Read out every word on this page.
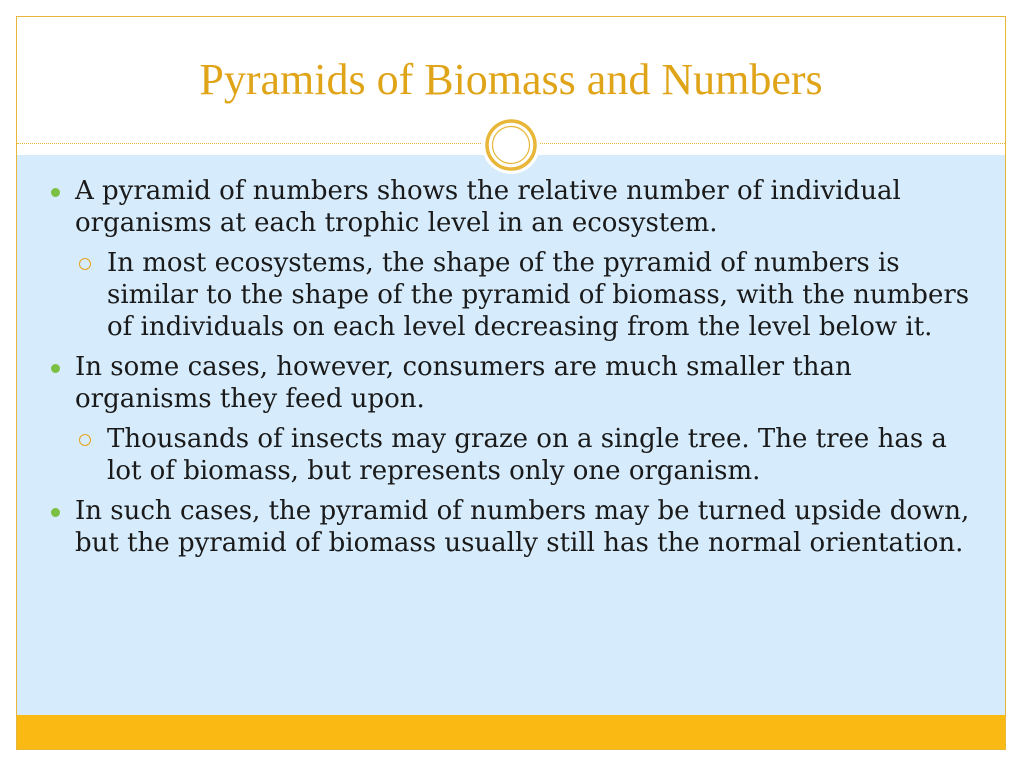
Pyramids of Biomass and Numbers
A pyramid of numbers shows the relative number of individual organisms at each trophic level in an ecosystem.
In most ecosystems, the shape of the pyramid of numbers is similar to the shape of the pyramid of biomass, with the numbers of individuals on each level decreasing from the level below it.
In some cases, however, consumers are much smaller than organisms they feed upon.
Thousands of insects may graze on a single tree. The tree has a lot of biomass, but represents only one organism.
In such cases, the pyramid of numbers may be turned upside down, but the pyramid of biomass usually still has the normal orientation.
